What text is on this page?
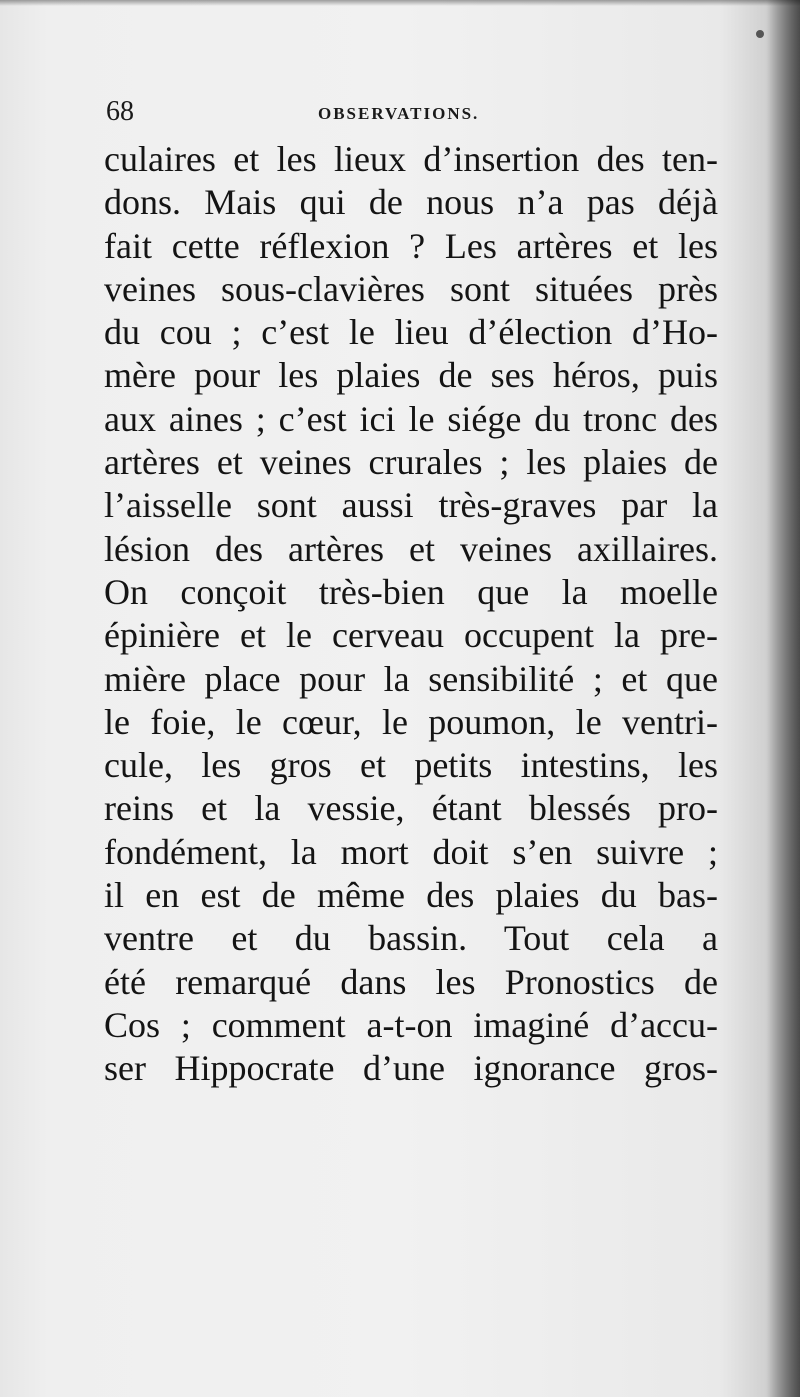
68	OBSERVATIONS.
culaires et les lieux d’insertion des ten-
dons. Mais qui de nous n’a pas déjà
fait cette réflexion ? Les artères et les
veines sous-clavières sont situées près
du cou ; c’est le lieu d’élection d’Ho-
mère pour les plaies de ses héros, puis
aux aines ; c’est ici le siége du tronc des
artères et veines crurales ; les plaies de
l’aisselle sont aussi très-graves par la
lésion des artères et veines axillaires.
On conçoit très-bien que la moelle
épinière et le cerveau occupent la pre-
mière place pour la sensibilité ; et que
le foie, le cœur, le poumon, le ventri-
cule, les gros et petits intestins, les
reins et la vessie, étant blessés pro-
fondément, la mort doit s’en suivre ;
il en est de même des plaies du bas-
ventre et du bassin. Tout cela a
été remarqué dans les Pronostics de
Cos ; comment a-t-on imaginé d’accu-
ser Hippocrate d’une ignorance gros-
